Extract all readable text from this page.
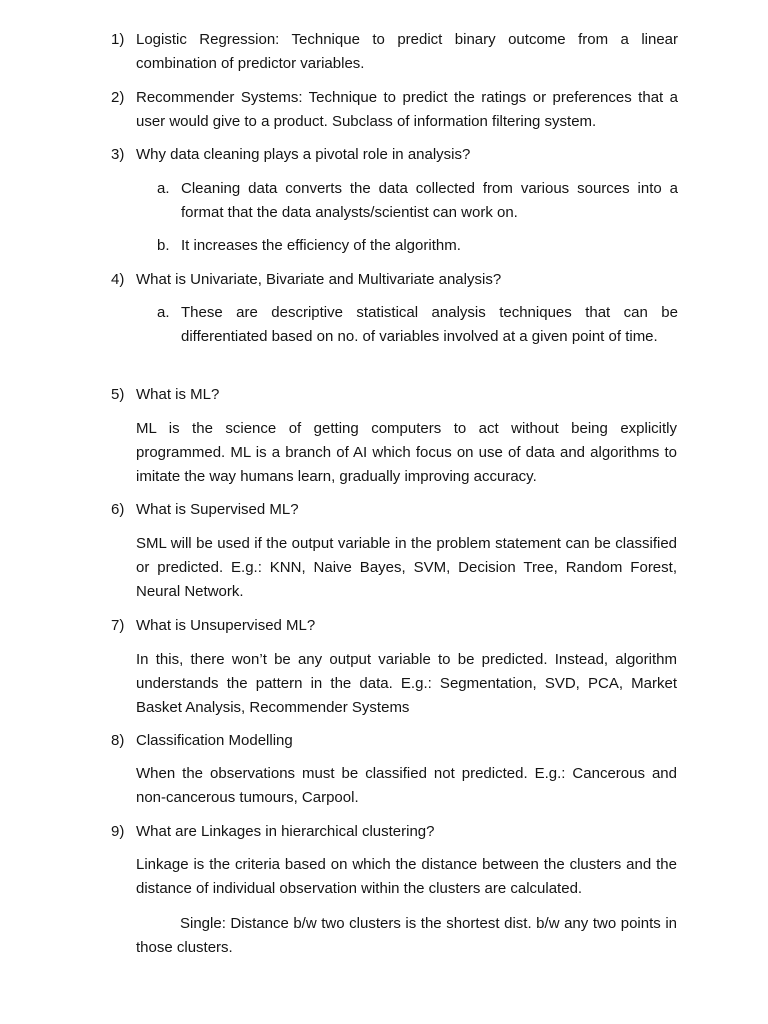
1) Logistic Regression: Technique to predict binary outcome from a linear combination of predictor variables.
2) Recommender Systems: Technique to predict the ratings or preferences that a user would give to a product. Subclass of information filtering system.
3) Why data cleaning plays a pivotal role in analysis?
a. Cleaning data converts the data collected from various sources into a format that the data analysts/scientist can work on.
b. It increases the efficiency of the algorithm.
4) What is Univariate, Bivariate and Multivariate analysis?
a. These are descriptive statistical analysis techniques that can be differentiated based on no. of variables involved at a given point of time.
5) What is ML?
ML is the science of getting computers to act without being explicitly programmed. ML is a branch of AI which focus on use of data and algorithms to imitate the way humans learn, gradually improving accuracy.
6) What is Supervised ML?
SML will be used if the output variable in the problem statement can be classified or predicted. E.g.: KNN, Naive Bayes, SVM, Decision Tree, Random Forest, Neural Network.
7) What is Unsupervised ML?
In this, there won’t be any output variable to be predicted. Instead, algorithm understands the pattern in the data. E.g.: Segmentation, SVD, PCA, Market Basket Analysis, Recommender Systems
8) Classification Modelling
When the observations must be classified not predicted. E.g.: Cancerous and non-cancerous tumours, Carpool.
9) What are Linkages in hierarchical clustering?
Linkage is the criteria based on which the distance between the clusters and the distance of individual observation within the clusters are calculated.
Single: Distance b/w two clusters is the shortest dist. b/w any two points in those clusters.
